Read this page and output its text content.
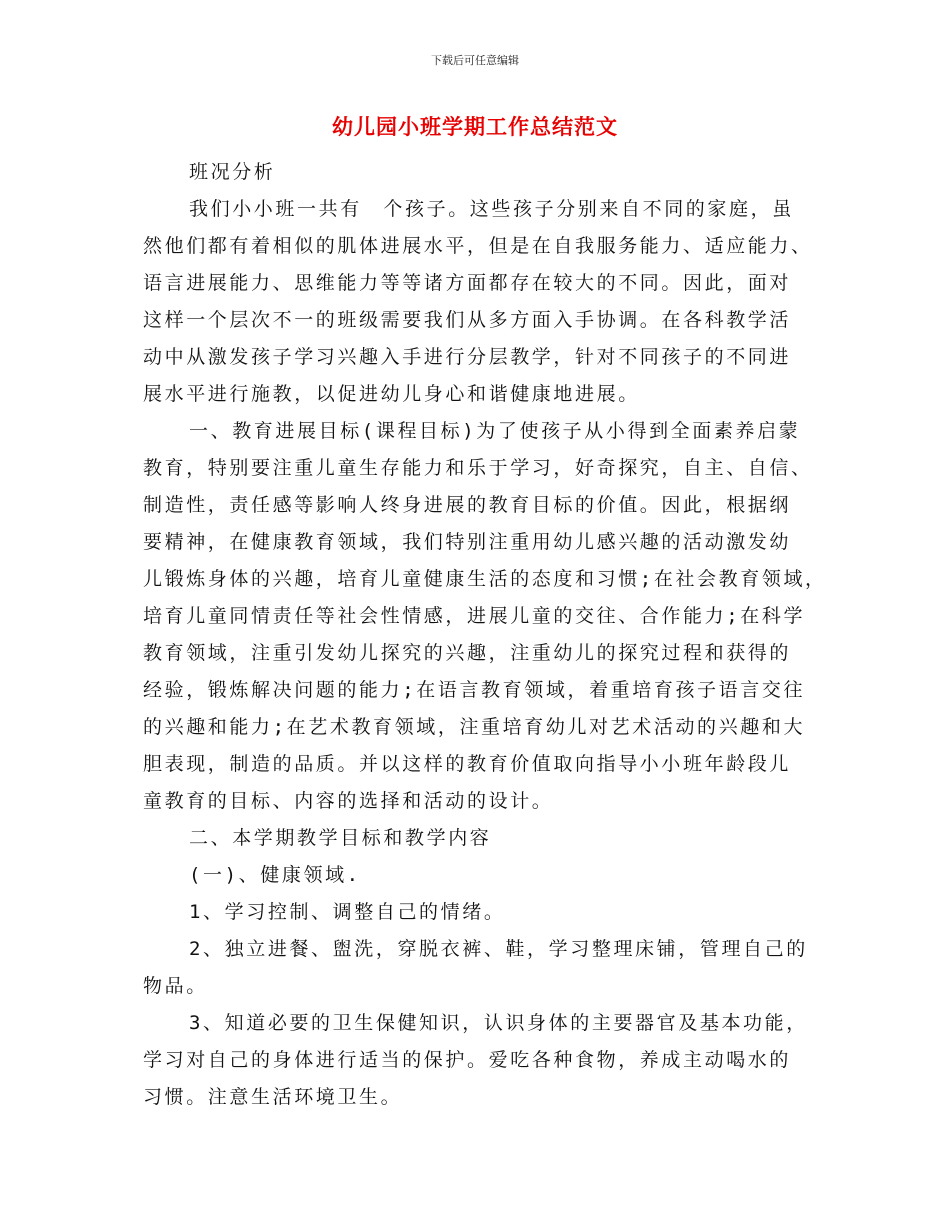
下载后可任意编辑
幼儿园小班学期工作总结范文
班况分析
我们小小班一共有　个孩子。这些孩子分别来自不同的家庭，虽
然他们都有着相似的肌体进展水平，但是在自我服务能力、适应能力、
语言进展能力、思维能力等等诸方面都存在较大的不同。因此，面对
这样一个层次不一的班级需要我们从多方面入手协调。在各科教学活
动中从激发孩子学习兴趣入手进行分层教学，针对不同孩子的不同进
展水平进行施教，以促进幼儿身心和谐健康地进展。
一、教育进展目标(课程目标)为了使孩子从小得到全面素养启蒙
教育，特别要注重儿童生存能力和乐于学习，好奇探究，自主、自信、
制造性，责任感等影响人终身进展的教育目标的价值。因此，根据纲
要精神，在健康教育领域，我们特别注重用幼儿感兴趣的活动激发幼
儿锻炼身体的兴趣，培育儿童健康生活的态度和习惯;在社会教育领域，
培育儿童同情责任等社会性情感，进展儿童的交往、合作能力;在科学
教育领域，注重引发幼儿探究的兴趣，注重幼儿的探究过程和获得的
经验，锻炼解决问题的能力;在语言教育领域，着重培育孩子语言交往
的兴趣和能力;在艺术教育领域，注重培育幼儿对艺术活动的兴趣和大
胆表现，制造的品质。并以这样的教育价值取向指导小小班年龄段儿
童教育的目标、内容的选择和活动的设计。
二、本学期教学目标和教学内容
(一)、健康领域.
1、学习控制、调整自己的情绪。
2、独立进餐、盥洗，穿脱衣裤、鞋，学习整理床铺，管理自己的
物品。
3、知道必要的卫生保健知识，认识身体的主要器官及基本功能，
学习对自己的身体进行适当的保护。爱吃各种食物，养成主动喝水的
习惯。注意生活环境卫生。
